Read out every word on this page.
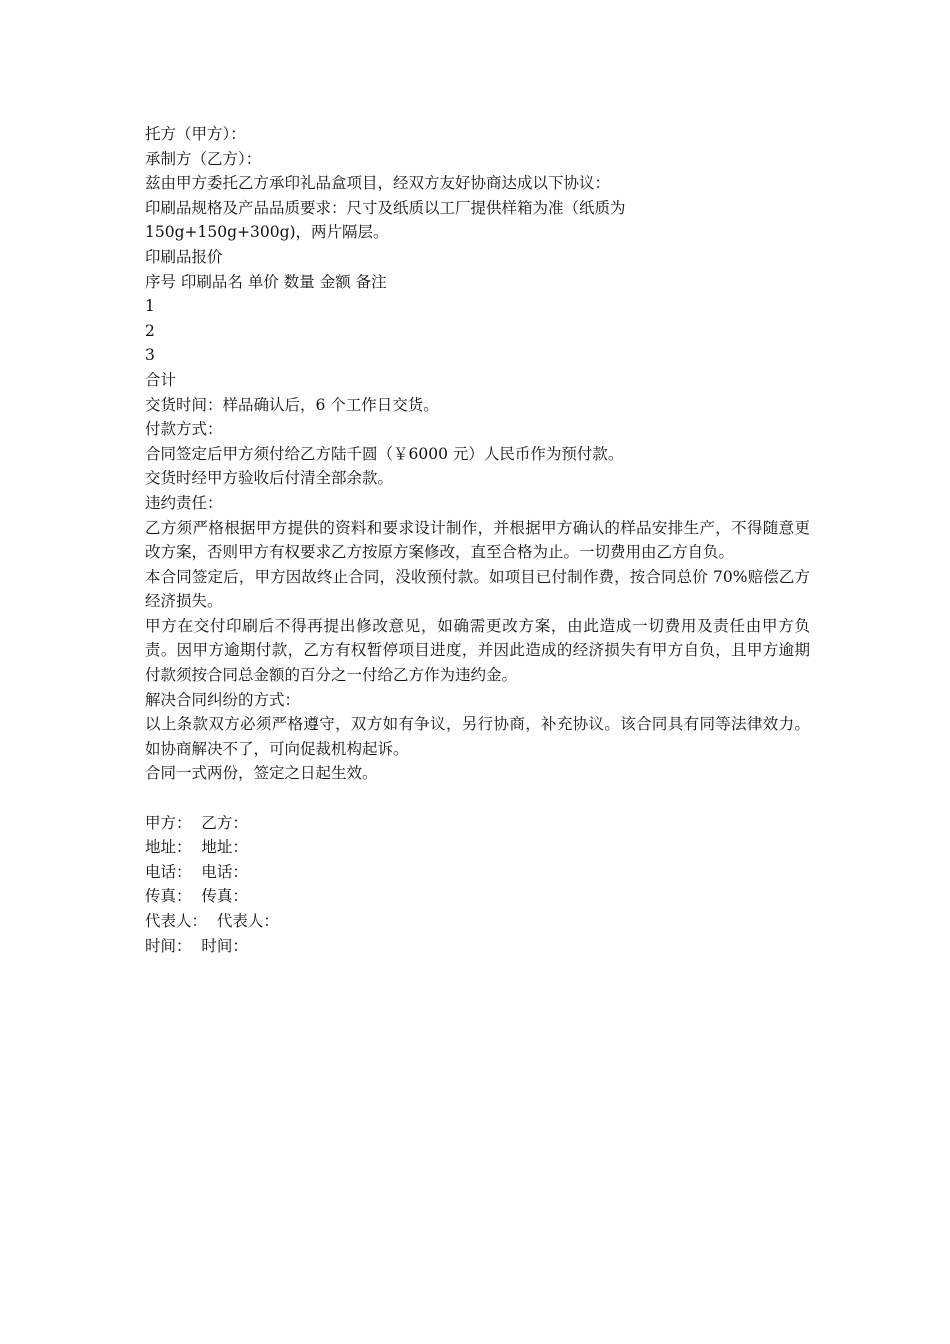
托方（甲方）：

承制方（乙方）：

兹由甲方委托乙方承印礼品盒项目，经双方友好协商达成以下协议：

印刷品规格及产品品质要求：尺寸及纸质以工厂提供样箱为准（纸质为

150g+150g+300g)，两片隔层。

印刷品报价

序号 印刷品名 单价 数量 金额 备注

1

2

3

合计

交货时间：样品确认后，6 个工作日交货。

付款方式：

合同签定后甲方须付给乙方陆千圆（￥6000 元）人民币作为预付款。

交货时经甲方验收后付清全部余款。

违约责任：

乙方须严格根据甲方提供的资料和要求设计制作，并根据甲方确认的样品安排生产，不得随意更改方案，否则甲方有权要求乙方按原方案修改，直至合格为止。一切费用由乙方自负。

本合同签定后，甲方因故终止合同，没收预付款。如项目已付制作费，按合同总价 70%赔偿乙方经济损失。

甲方在交付印刷后不得再提出修改意见，如确需更改方案，由此造成一切费用及责任由甲方负责。因甲方逾期付款，乙方有权暂停项目进度，并因此造成的经济损失有甲方自负，且甲方逾期付款须按合同总金额的百分之一付给乙方作为违约金。

解决合同纠纷的方式：

以上条款双方必须严格遵守，双方如有争议，另行协商，补充协议。该合同具有同等法律效力。如协商解决不了，可向促裁机构起诉。

合同一式两份，签定之日起生效。

甲方：  乙方：

地址：  地址：

电话：  电话：

传真：  传真：

代表人：  代表人：

时间：  时间：
